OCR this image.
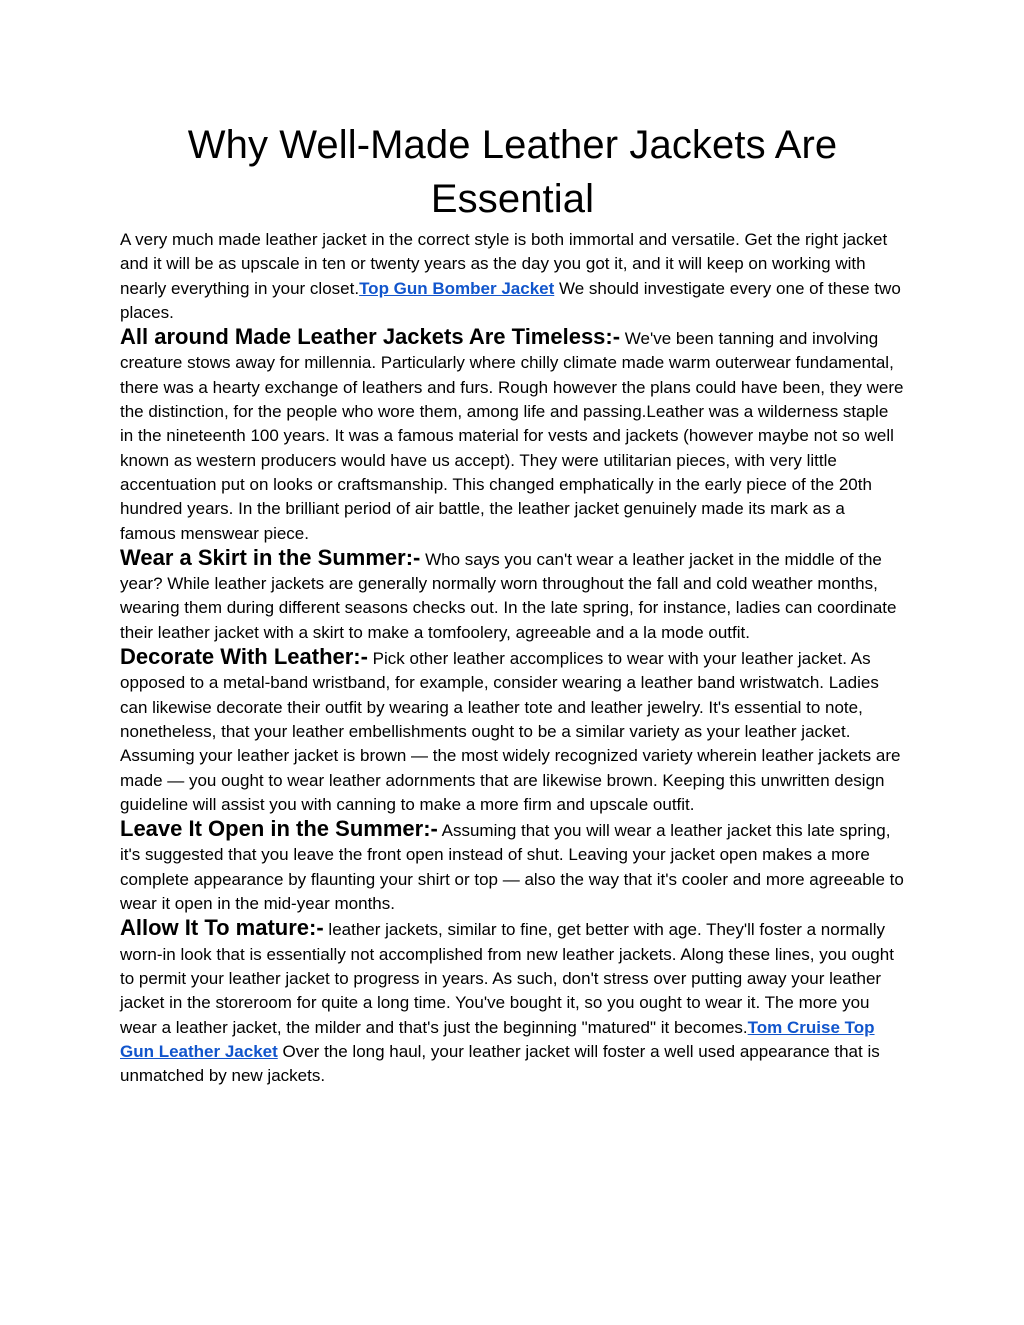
Why Well-Made Leather Jackets Are Essential

A very much made leather jacket in the correct style is both immortal and versatile. Get the right jacket and it will be as upscale in ten or twenty years as the day you got it, and it will keep on working with nearly everything in your closet.Top Gun Bomber Jacket We should investigate every one of these two places.

All around Made Leather Jackets Are Timeless:- We've been tanning and involving creature stows away for millennia. Particularly where chilly climate made warm outerwear fundamental, there was a hearty exchange of leathers and furs. Rough however the plans could have been, they were the distinction, for the people who wore them, among life and passing.Leather was a wilderness staple in the nineteenth 100 years. It was a famous material for vests and jackets (however maybe not so well known as western producers would have us accept). They were utilitarian pieces, with very little accentuation put on looks or craftsmanship. This changed emphatically in the early piece of the 20th hundred years. In the brilliant period of air battle, the leather jacket genuinely made its mark as a famous menswear piece.

Wear a Skirt in the Summer:- Who says you can't wear a leather jacket in the middle of the year? While leather jackets are generally normally worn throughout the fall and cold weather months, wearing them during different seasons checks out. In the late spring, for instance, ladies can coordinate their leather jacket with a skirt to make a tomfoolery, agreeable and a la mode outfit.

Decorate With Leather:- Pick other leather accomplices to wear with your leather jacket. As opposed to a metal-band wristband, for example, consider wearing a leather band wristwatch. Ladies can likewise decorate their outfit by wearing a leather tote and leather jewelry. It's essential to note, nonetheless, that your leather embellishments ought to be a similar variety as your leather jacket. Assuming your leather jacket is brown — the most widely recognized variety wherein leather jackets are made — you ought to wear leather adornments that are likewise brown. Keeping this unwritten design guideline will assist you with canning to make a more firm and upscale outfit.

Leave It Open in the Summer:- Assuming that you will wear a leather jacket this late spring, it's suggested that you leave the front open instead of shut. Leaving your jacket open makes a more complete appearance by flaunting your shirt or top — also the way that it's cooler and more agreeable to wear it open in the mid-year months.

Allow It To mature:- leather jackets, similar to fine, get better with age. They'll foster a normally worn-in look that is essentially not accomplished from new leather jackets. Along these lines, you ought to permit your leather jacket to progress in years. As such, don't stress over putting away your leather jacket in the storeroom for quite a long time. You've bought it, so you ought to wear it. The more you wear a leather jacket, the milder and that's just the beginning "matured" it becomes.Tom Cruise Top Gun Leather Jacket Over the long haul, your leather jacket will foster a well used appearance that is unmatched by new jackets.
